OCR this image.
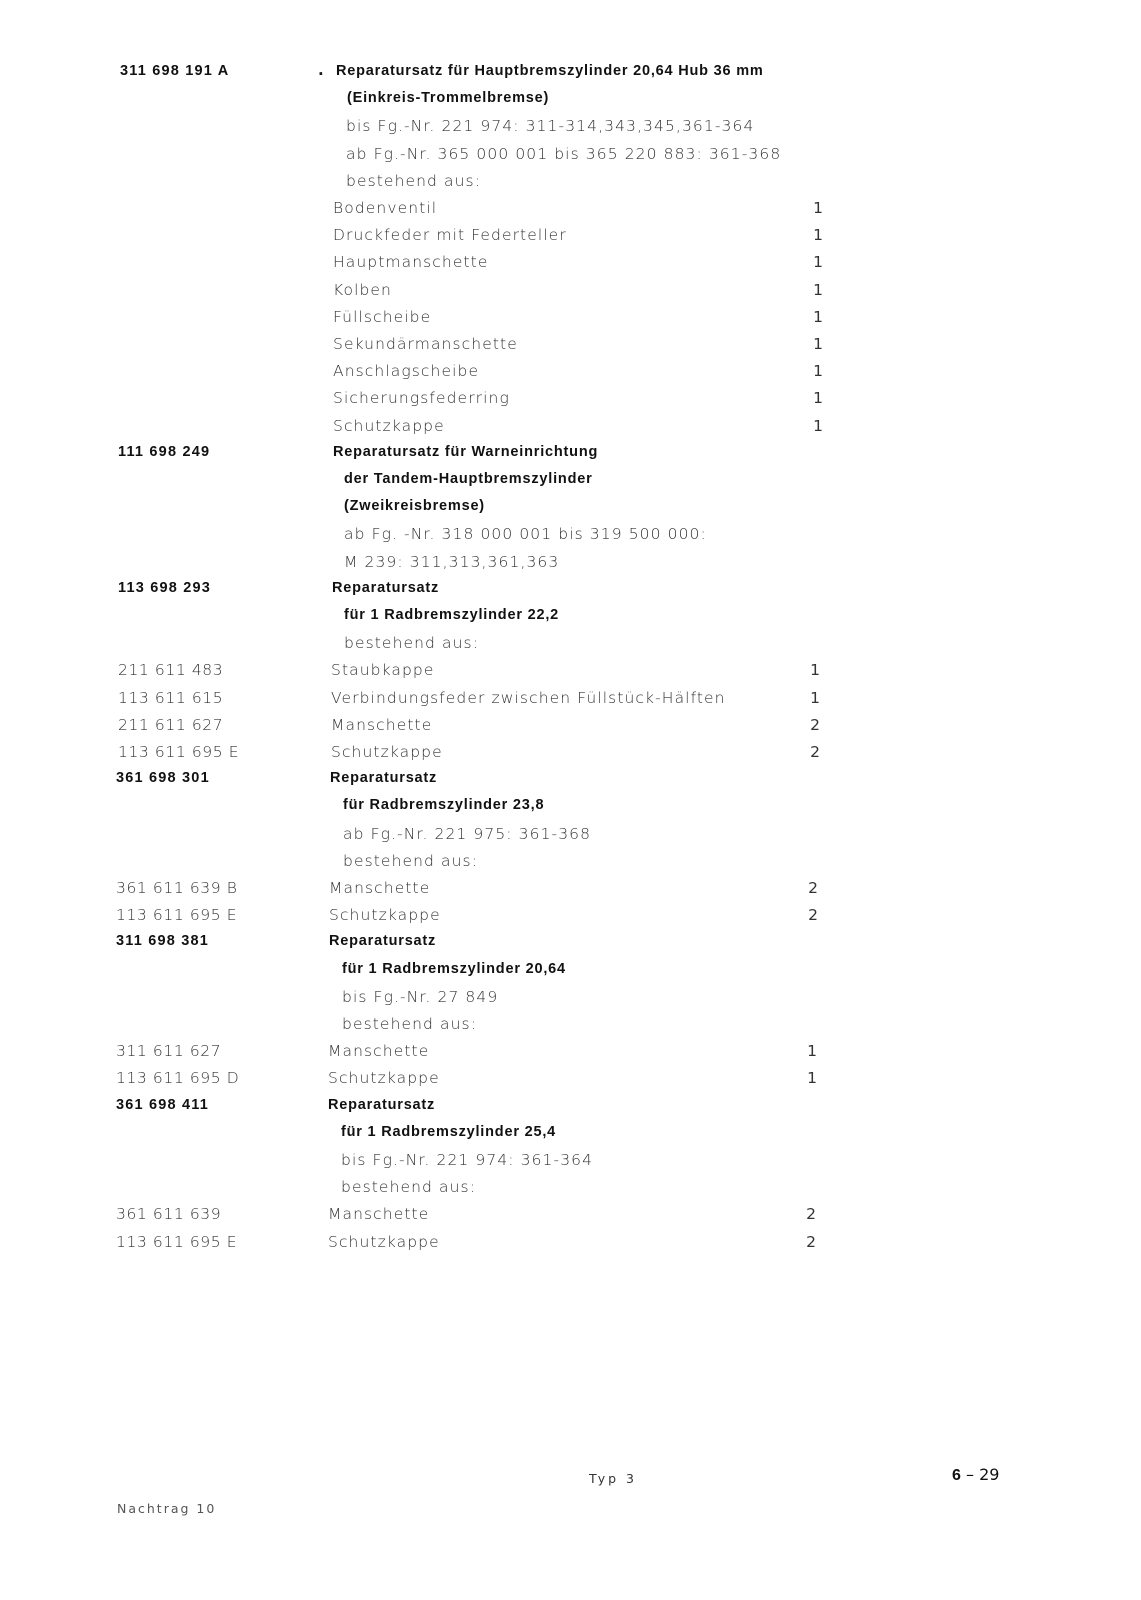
.
311 698 191 A	Reparatursatz für Hauptbremszylinder 20,64 Hub 36 mm
(Einkreis-Trommelbremse)
bis Fg.-Nr. 221 974: 311-314,343,345,361-364
ab Fg.-Nr. 365 000 001 bis 365 220 883: 361-368
bestehend aus:
Bodenventil	1
Druckfeder mit Federteller	1
Hauptmanschette	1
Kolben	1
Füllscheibe	1
Sekundärmanschette	1
Anschlagscheibe	1
Sicherungsfederring	1
Schutzkappe	1
111 698 249	Reparatursatz für Warneinrichtung
der Tandem-Hauptbremszylinder
(Zweikreisbremse)
ab Fg. -Nr. 318 000 001 bis 319 500 000:
M 239: 311,313,361,363
113 698 293	Reparatursatz
für 1 Radbremszylinder 22,2
bestehend aus:
211 611 483	Staubkappe	1
113 611 615	Verbindungsfeder zwischen Füllstück-Hälften	1
211 611 627	Manschette	2
113 611 695 E	Schutzkappe	2
361 698 301	Reparatursatz
für Radbremszylinder 23,8
ab Fg.-Nr. 221 975: 361-368
bestehend aus:
361 611 639 B	Manschette	2
113 611 695 E	Schutzkappe	2
311 698 381	Reparatursatz
für 1 Radbremszylinder 20,64
bis Fg.-Nr. 27 849
bestehend aus:
311 611 627	Manschette	1
113 611 695 D	Schutzkappe	1
361 698 411	Reparatursatz
für 1 Radbremszylinder 25,4
bis Fg.-Nr. 221 974: 361-364
bestehend aus:
361 611 639	Manschette	2
113 611 695 E	Schutzkappe	2
Typ 3	6 – 29
Nachtrag 10
